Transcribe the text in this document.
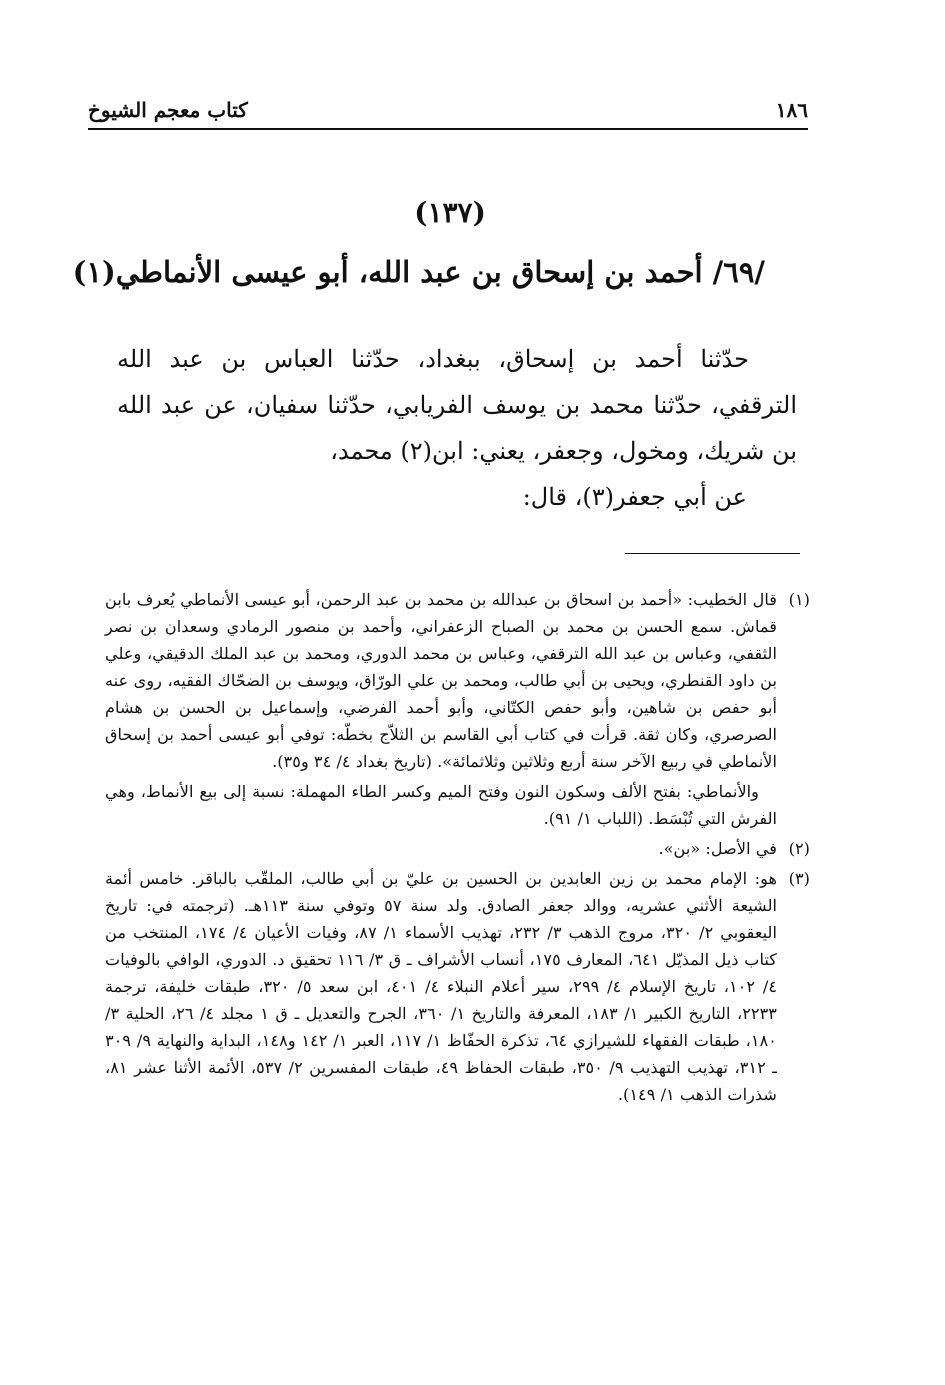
١٨٦
كتاب معجم الشيوخ
(١٣٧)
/٦٩/ أحمد بن إسحاق بن عبد الله، أبو عيسى الأنماطي(١)

حدّثنا أحمد بن إسحاق، ببغداد، حدّثنا العباس بن عبد الله الترقفي، حدّثنا محمد بن يوسف الفريابي، حدّثنا سفيان، عن عبد الله بن شريك، ومخول، وجعفر، يعني: ابن(٢) محمد،

عن أبي جعفر(٣)، قال:

(١)

قال الخطيب: «أحمد بن اسحاق بن عبدالله بن محمد بن عبد الرحمن، أبو عيسى الأنماطي يُعرف بابن قماش. سمع الحسن بن محمد بن الصباح الزعفراني، وأحمد بن منصور الرمادي وسعدان بن نصر الثقفي، وعباس بن عبد الله الترقفي، وعباس بن محمد الدوري، ومحمد بن عبد الملك الدقيقي، وعلي بن داود القنطري، ويحيى بن أبي طالب، ومحمد بن علي الورّاق، ويوسف بن الضحّاك الفقيه، روى عنه أبو حفص بن شاهين، وأبو حفص الكتّاني، وأبو أحمد الفرضي، وإسماعيل بن الحسن بن هشام الصرصري، وكان ثقة. قرأت في كتاب أبي القاسم بن الثلاّج بخطّه: توفي أبو عيسى أحمد بن إسحاق الأنماطي في ربيع الآخر سنة أربع وثلاثين وثلاثمائة». (تاريخ بغداد ٤/ ٣٤ و٣٥).

والأنماطي: بفتح الألف وسكون النون وفتح الميم وكسر الطاء المهملة: نسبة إلى بيع الأنماط، وهي الفرش التي تُبْسَط. (اللباب ١/ ٩١).

(٢)

في الأصل: «بن».

(٣)

هو: الإمام محمد بن زين العابدين بن الحسين بن عليّ بن أبي طالب، الملقّب بالباقر. خامس أئمة الشيعة الأثني عشريه، ووالد جعفر الصادق. ولد سنة ٥٧ وتوفي سنة ١١٣هـ. (ترجمته في: تاريخ اليعقوبي ٢/ ٣٢٠، مروج الذهب ٣/ ٢٣٢، تهذيب الأسماء ١/ ٨٧، وفيات الأعيان ٤/ ١٧٤، المنتخب من كتاب ذيل المذيّل ٦٤١، المعارف ١٧٥، أنساب الأشراف ـ ق ٣/ ١١٦ تحقيق د. الدوري، الوافي بالوفيات ٤/ ١٠٢، تاريخ الإسلام ٤/ ٢٩٩، سير أعلام النبلاء ٤/ ٤٠١، ابن سعد ٥/ ٣٢٠، طبقات خليفة، ترجمة ٢٢٣٣، التاريخ الكبير ١/ ١٨٣، المعرفة والتاريخ ١/ ٣٦٠، الجرح والتعديل ـ ق ١ مجلد ٤/ ٢٦، الحلية ٣/ ١٨٠، طبقات الفقهاء للشيرازي ٦٤، تذكرة الحفّاظ ١/ ١١٧، العبر ١/ ١٤٢ و١٤٨، البداية والنهاية ٩/ ٣٠٩ ـ ٣١٢، تهذيب التهذيب ٩/ ٣٥٠، طبقات الحفاظ ٤٩، طبقات المفسرين ٢/ ٥٣٧، الأئمة الأثنا عشر ٨١، شذرات الذهب ١/ ١٤٩).
